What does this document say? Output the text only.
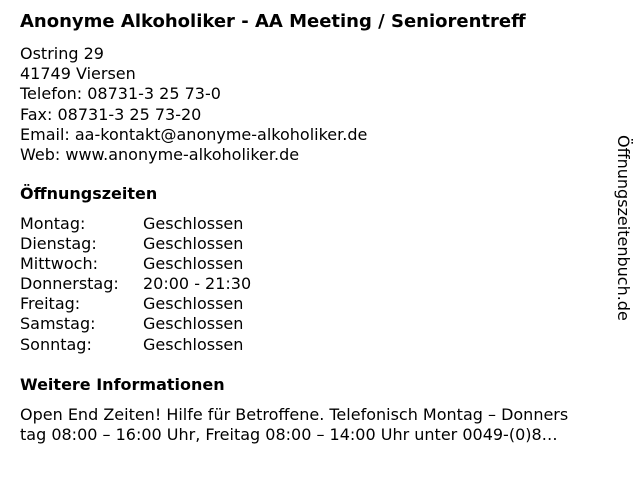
Anonyme Alkoholiker - AA Meeting / Seniorentreff
Ostring 29
41749 Viersen
Telefon: 08731-3 25 73-0
Fax: 08731-3 25 73-20
Email: aa-kontakt@anonyme-alkoholiker.de
Web: www.anonyme-alkoholiker.de
Öffnungszeiten
Montag:	Geschlossen
Dienstag:	Geschlossen
Mittwoch:	Geschlossen
Donnerstag:	20:00 - 21:30
Freitag:	Geschlossen
Samstag:	Geschlossen
Sonntag:	Geschlossen
Weitere Informationen
Open End Zeiten! Hilfe für Betroffene. Telefonisch Montag – Donners
tag 08:00 – 16:00 Uhr, Freitag 08:00 – 14:00 Uhr unter 0049-(0)8…
Öffnungszeitenbuch.de
